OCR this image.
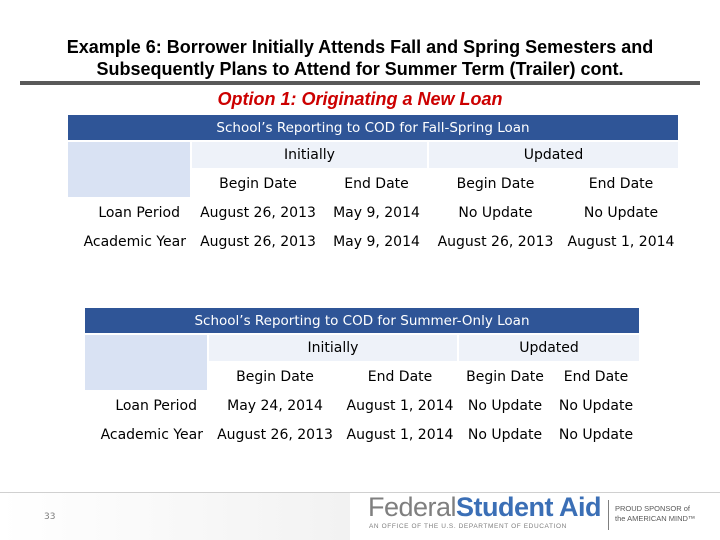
Example 6: Borrower Initially Attends Fall and Spring Semesters and Subsequently Plans to Attend for Summer Term (Trailer) cont.
Option 1: Originating a New Loan
School’s Reporting to COD for Fall-Spring Loan				
	Initially		Updated	
	Begin Date	End Date	Begin Date	End Date
Loan Period	August 26, 2013	May 9, 2014	No Update	No Update
Academic Year	August 26, 2013	May 9, 2014	August 26, 2013	August 1, 2014
School’s Reporting to COD for Summer-Only Loan				
	Initially		Updated	
	Begin Date	End Date	Begin Date	End Date
Loan Period	May 24, 2014	August 1, 2014	No Update	No Update
Academic Year	August 26, 2013	August 1, 2014	No Update	No Update
33	FederalStudent Aid
AN OFFICE OF THE U.S. DEPARTMENT OF EDUCATION
PROUD SPONSOR of
the AMERICAN MIND™
